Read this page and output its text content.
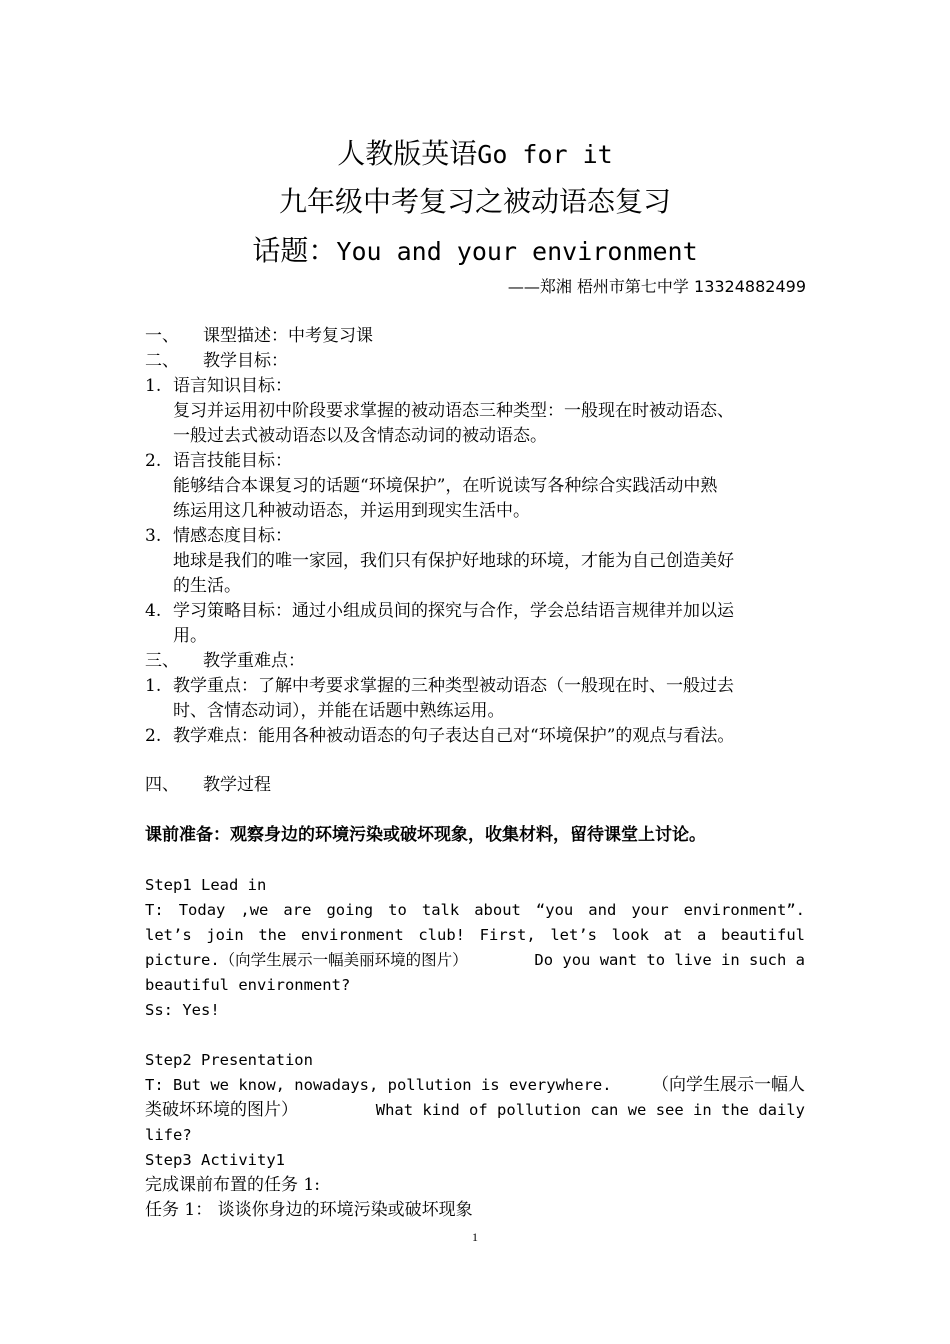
人教版英语Go for it
九年级中考复习之被动语态复习
话题：You and your environment
——郑湘 梧州市第七中学 13324882499
一、 课型描述：中考复习课
二、 教学目标：
1. 语言知识目标：
复习并运用初中阶段要求掌握的被动语态三种类型：一般现在时被动语态、
一般过去式被动语态以及含情态动词的被动语态。
2. 语言技能目标：
能够结合本课复习的话题“环境保护”，在听说读写各种综合实践活动中熟
练运用这几种被动语态，并运用到现实生活中。
3. 情感态度目标：
地球是我们的唯一家园，我们只有保护好地球的环境，才能为自己创造美好
的生活。
4. 学习策略目标：通过小组成员间的探究与合作，学会总结语言规律并加以运
用。
三、 教学重难点：
1. 教学重点：了解中考要求掌握的三种类型被动语态（一般现在时、一般过去
时、含情态动词），并能在话题中熟练运用。
2. 教学难点：能用各种被动语态的句子表达自己对“环境保护”的观点与看法。
四、 教学过程
课前准备：观察身边的环境污染或破坏现象，收集材料，留待课堂上讨论。
Step1 Lead in
T: Today ,we are going to talk about “you and your environment”.
let’s join the environment club! First, let’s look at a beautiful
picture.（向学生展示一幅美丽环境的图片）	Do you want to live in such a
beautiful environment?
Ss: Yes!
Step2 Presentation
T: But we know, nowadays, pollution is everywhere. （向学生展示一幅人
类破坏环境的图片）	What kind of pollution can we see in the daily
life?
Step3 Activity1
完成课前布置的任务 1:
任务 1： 谈谈你身边的环境污染或破坏现象
1
